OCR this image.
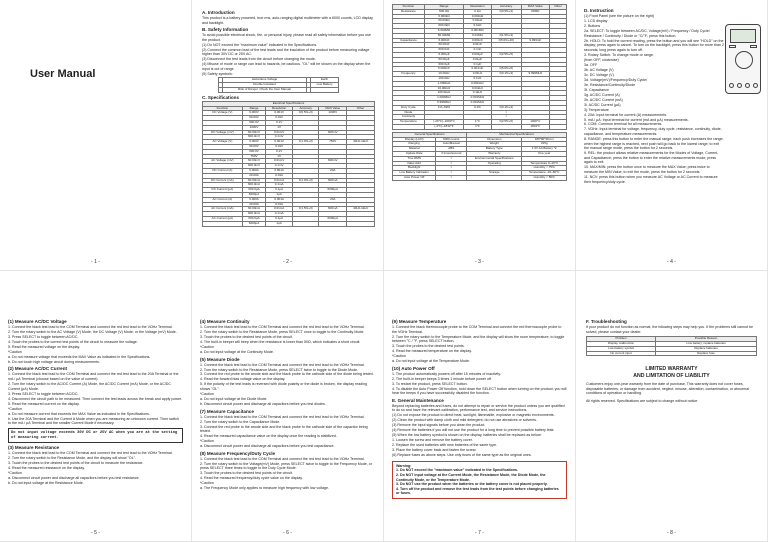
User Manual
- 1 -
A. Introduction
This product is a battery powered, true rms, auto-ranging digital multimeter with a 6000 counts, LCD display and backlight.
B. Safety Information

To avoid possible electrical shock, fire, or personal injury, please read all safety information before you use the product.

(1) Do NOT exceed the "maximum value" indicated in the Specifications.

(2) Connect the common lead of the test leads and the insulation of the product before measuring voltage higher than 30V DC or 25V AC.

(3) Disconnect the test leads from the circuit before changing the mode.

(4) Misuse of mode or range can lead to hazards, be cautious. "OL" will be shown on the display when the input is out of range.

(5) Safety symbols:

	Hazardous Voltage		Earth
	Double Insulated		Low Battery
	Risk of Danger. Check the User Manual		
C. Specifications
Electrical Specifications					
Function	Range	Resolution	Accuracy	MAX Value	Other
DC Voltage (V)	6.000V	0.001V	±(0.5%+3)	1000V	
	60.00V	0.01V			
	600.0V	0.1V			
	1000V	1V			
DC Voltage (mV)	60.00mV	0.01mV		600mV	
	600.0mV	0.1mV			
AC Voltage (V)	6.000V	0.001V	±(1.0%+3)	750V	40Hz-1kHz
	60.00V	0.01V			
	600.0V	0.1V			
	750V	1V			
AC Voltage (mV)	60.00mV	0.01mV		600mV	
	600.0mV	0.1mV			
DC Current (A)	6.000A	0.001A		20A	
	20.00A	0.01A			
DC Current (mA)	60.00mA	0.01mA	±(1.0%+3)	600mA	
	600.0mA	0.1mA			
DC Current (μA)	600.0μA	0.1μA		6000μA	
	6000μA	1μA			
AC Current (A)	6.000A	0.001A		20A	
	20.00A	0.01A			
AC Current (mA)	60.00mA	0.01mA	±(1.5%+3)	600mA	40Hz-1kHz
	600.0mA	0.1mA			
AC Current (μA)	600.0μA	0.1μA		6000μA	
	6000μA	1μA			
- 2 -
Function	Range	Resolution	Accuracy	MAX Value	Other
Resistance	600.0Ω	0.1Ω	±(0.5%+3)	60MΩ	
	6.000kΩ	0.001kΩ			
	60.00kΩ	0.01kΩ			
	600.0kΩ	0.1kΩ			
	6.000MΩ	0.001MΩ			
	60.00MΩ	0.01MΩ	±(1.5%+3)		
Capacitance	6.000nF	0.001nF	±(5.0%+20)	9.999mF	
	60.00nF	0.01nF			
	600.0nF	0.1nF			
	6.000μF	0.001μF	±(2.5%+5)		
	60.00μF	0.01μF			
	600.0μF	0.1μF			
	6.000mF	0.001mF	±(5.0%+5)		
Frequency	10.00Hz	0.01Hz	±(0.1%+3)	9.999MHz	
	100.0Hz	0.1Hz			
	1.000kHz	0.001kHz			
	10.00kHz	0.01kHz			
	100.0kHz	0.1kHz			
	1.000MHz	0.001MHz			
	9.999MHz	0.001MHz			
Duty Cycle	1%~99%	0.1%	±(0.1%+3)		
Diode			√		
Continuity			√		
Temperature	(-20°C)~1000°C	1°C	±(2.5%+5)	1000°C	
	(-4°F)~1832°F	1°F		1832°F	
General Specifications		Mechanical Specifications	
Display (LCD)	6000 counts	Dimension	180*90*46mm
Ranging	Auto/Manual	Weight	315g
Material	ABS	Battery Type	1.5V AA Battery *2
Update Rate	3 times/second	Warranty	One year
True RMS	√	Environmental Specifications	
Data Hold	√	Operating	Temperature 0~40°C
Backlight	√		Humidity < 75%
Low Battery Indication	√	Storage	Temperature -20~60°C
Auto Power Off	√		Humidity < 80%
- 3 -
D. Instruction

(1) Front Panel (see the picture on the right)

1. LCD display

2. Buttons

2a. SELECT: To toggle between AC/DC, Voltage(mV) / Frequency / Duty Cycle/ Resistance / Continuity / Diode or °C/°F; press this button.

2b. HOLD: To hold the current reading, press the button and you will see "HOLD" on the display; press again to cancel. To turn on the backlight, press this button for more than 2 seconds; long press again to turn off.

3. Rotary Switch: To change mode or range.

(from OFF, clockwise)

3a. OFF

3b. AC Voltage (V)

3c. DC Voltage (V)

3d. Voltage(mV)/Frequency/Duty Cycle/

3e. Resistance/Continuity/Diode

3f. Capacitance

3g. AC/DC Current (A)

3h. AC/DC Current (mA)

3i. AC/DC Current (μA)

3j. Temperature

4. 20A: Input terminal for current (A) measurements.

5. mA / μA: Input terminal for current (mA and μA) measurements.

6. COM: Common terminal for all measurements.

7. VΩHz: Input terminal for voltage, frequency, duty cycle, resistance, continuity, diode, capacitance, and temperature measurements.

8. RANGE: press this button to enter the manual range; each push increases the range; when the highest range is reached, next push will go back to the lowest range; to exit the manual range mode, press the button for 2 seconds.

9. REL: the product allows relative measurements for the Modes of Voltage, Current, and Capacitance; press the button to enter the relative measurements mode; press again to exit.

10. MAX/MIN: press the button once to measure the MAX Value; press twice to measure the MIN Value; to exit the mode, press the button for 2 seconds.

11. NCV: press this button when you measure AC Voltage or AC Current to measure their frequency/duty cycle.

- 4 -
(1) Measure AC/DC Voltage

1. Connect the black test lead to the COM Terminal and connect the red test lead to the VΩHz Terminal.

2. Turn the rotary switch to the AC Voltage (V) Mode, the DC Voltage (V) Mode, or the Voltage (mV) Mode.

3. Press SELECT to toggle between AC/DC.

4. Touch the probes to the correct test points of the circuit to measure the voltage.

5. Read the measured voltage on the display.

*Caution

a. Do not measure voltage that exceeds the MAX Value as indicated in the Specifications.

b. Do not touch high voltage circuit during measurements.

(2) Measure AC/DC Current

1. Connect the black test lead to the COM Terminal and connect the red test lead to the 20A Terminal or the mA / μA Terminal (choose based on the value of current).

2. Turn the rotary switch to the AC/DC Current (A) Mode, the AC/DC Current (mA) Mode, or the AC/DC Current (μA) Mode.

3. Press SELECT to toggle between AC/DC.

4. Disconnect the circuit path to be measured. Then connect the test leads across the break and apply power.

5. Read the measured current on the display.

*Caution

a. Do not measure current that exceeds the MAX Value as indicated in the Specifications.

b. Use the 20A Terminal and the Current A Mode when you are measuring an unknown current. Then switch to the mA / μA Terminal and the smaller Current Mode if necessary.

Do not input voltage exceeds 30V DC or 25V AC when you are at the setting of measuring current.
(3) Measure Resistance

1. Connect the black test lead to the COM Terminal and connect the red test lead to the VΩHz Terminal.

2. Turn the rotary switch to the Resistance Mode, and the display will show "OL".

3. Touch the probes to the desired test points of the circuit to measure the resistance.

4. Read the measured resistance on the display.

*Caution

a. Disconnect circuit power and discharge all capacitors before you test resistance.

b. Do not input voltage at the Resistance Mode.

- 5 -
(4) Measure Continuity

1. Connect the black test lead to the COM Terminal and connect the red test lead to the VΩHz Terminal.

2. Turn the rotary switch to the Resistance Mode, press SELECT once to toggle to the Continuity Mode.

3. Touch the probes to the desired test points of the circuit.

4. The built-in beeper will beep when the resistance is lower than 50Ω, which indicates a short circuit.

*Caution

a. Do not input voltage at the Continuity Mode.

(5) Measure Diode

1. Connect the black test lead to the COM Terminal and connect the red test lead to the VΩHz Terminal.

2. Turn the rotary switch to the Resistance Mode, press SELECT twice to toggle to the Diode Mode.

3. Connect the red probe to the anode side and the black probe to the cathode side of the diode being tested.

4. Read the forward bias voltage value on the display.

5. If the polarity of the test leads is reversed with diode polarity or the diode is broken, the display reading shows "OL".

*Caution

a. Do not input voltage at the Diode Mode.

b. Disconnect circuit power and discharge all capacitors before you test diodes.

(7) Measure Capacitance

1. Connect the black test lead to the COM Terminal and connect the red test lead to the VΩHz Terminal.

2. Turn the rotary switch to the Capacitance Mode.

3. Connect the red probe to the anode side and the black probe to the cathode side of the capacitor being tested.

4. Read the measured capacitance value on the display once the reading is stabilized.

*Caution

a. Disconnect circuit power and discharge all capacitors before you test capacitance.

(8) Measure Frequency/Duty Cycle

1. Connect the black test lead to the COM Terminal and connect the red test lead to the VΩHz Terminal.

2. Turn the rotary switch to the Voltage(mV) Mode, press SELECT twice to toggle to the Frequency Mode, or press SELECT three times to toggle to the Duty Cycle Mode.

3. Touch the probes to the desired test points of the circuit.

4. Read the measured frequency/duty cycle value on the display.

*Caution

a. The Frequency Mode only applies to measure high frequency with low voltage.

- 6 -
(9) Measure Temperature

1. Connect the black thermocouple probe to the COM Terminal and connect the red thermocouple probe to the VΩHz Terminal.

2. Turn the rotary switch to the Temperature Mode, and the display will show the room temperature; to toggle between °C / °F, press SELECT button.

3. Touch the probes to the desired test points.

4. Read the measured temperature on the display.

*Caution

a. Do not input voltage at the Temperature Mode.

(10) Auto Power Off

1. The product automatically powers off after 15 minutes of inactivity.

2. The built-in beeper beeps 3 times 1 minute before power off.

3. To restart the product, press SELECT button.

4. To disable the Auto Power Off function, hold down the SELECT button when turning on the product; you will hear the beeps if you have successfully disabled the function.

E. General Maintenance

Beyond replacing batteries and fuses, do not attempt to repair or service the product unless you are qualified to do so and have the relevant calibration, performance test, and service instructions.

(1) Do not expose the product to direct heat, sunlight, flammable, explosive or magnetic environments.

(2) Clean the product with damp cloth and mild detergent; do not use abrasives or solvents.

(3) Remove the input signals before you clean the product.

(4) Remove the batteries if you will not use the product for a long time to prevent possible battery leak.

(5) When the low battery symbol is shown on the display, batteries shall be replaced as below:

1. Loosen the screw and remove the battery cover.

2. Replace the used batteries with new batteries of the same type.

3. Place the battery cover back and fasten the screw.

(6) Replace fuses as above steps. Use only fuses of the same type as the original ones.

Warning:

1. Do NOT exceed the "maximum value" indicated in the Specifications.

2. Do NOT input voltage at the Current Mode, the Resistance Mode, the Diode Mode, the Continuity Mode, or the Temperature Mode.

3. Do NOT use the product when the batteries or the battery cover is not placed properly.

4. Turn off the product and remove the test leads from the test points before changing batteries or fuses.

- 7 -
F. Troubleshooting
If your product do not function as normal, the following steps may help you. If the problems still cannot be solved, please contact your dealer.
Problem	Possible Reason
Display malfunction	Low battery; replace batteries
Low battery symbol	Replace batteries
No current input	Replace fuse
LIMITED WARRANTY
AND LIMITATION OF LIABILITY
Customers enjoy one-year warranty from the date of purchase. This warranty does not cover fuses, disposable batteries, or damage from accident, neglect, misuse, alteration, contamination, or abnormal conditions of operation or handling.
All rights reserved. Specifications are subject to change without notice.
- 8 -
